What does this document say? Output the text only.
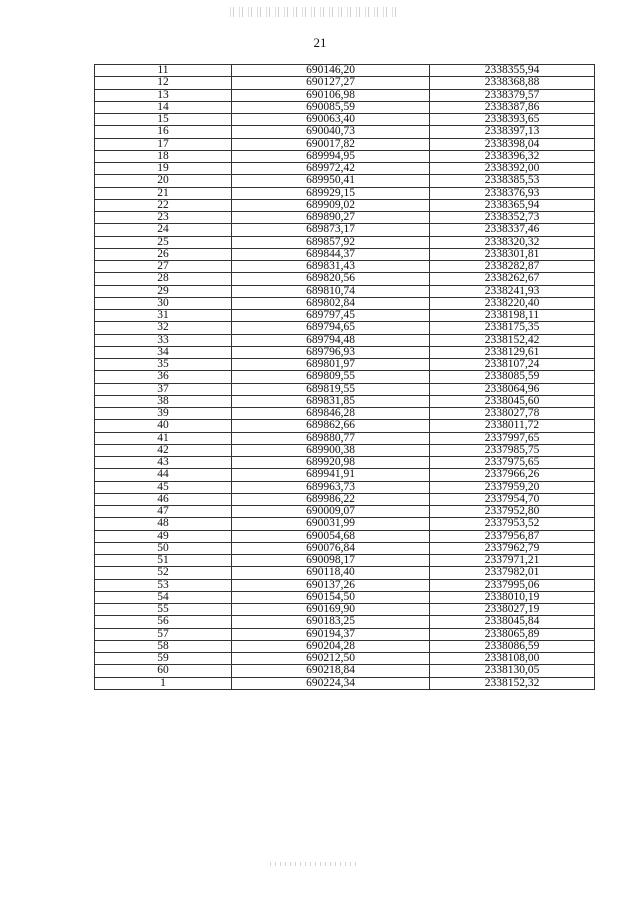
21
11	690146,20	2338355,94
12	690127,27	2338368,88
13	690106,98	2338379,57
14	690085,59	2338387,86
15	690063,40	2338393,65
16	690040,73	2338397,13
17	690017,82	2338398,04
18	689994,95	2338396,32
19	689972,42	2338392,00
20	689950,41	2338385,53
21	689929,15	2338376,93
22	689909,02	2338365,94
23	689890,27	2338352,73
24	689873,17	2338337,46
25	689857,92	2338320,32
26	689844,37	2338301,81
27	689831,43	2338282,87
28	689820,56	2338262,67
29	689810,74	2338241,93
30	689802,84	2338220,40
31	689797,45	2338198,11
32	689794,65	2338175,35
33	689794,48	2338152,42
34	689796,93	2338129,61
35	689801,97	2338107,24
36	689809,55	2338085,59
37	689819,55	2338064,96
38	689831,85	2338045,60
39	689846,28	2338027,78
40	689862,66	2338011,72
41	689880,77	2337997,65
42	689900,38	2337985,75
43	689920,98	2337975,65
44	689941,91	2337966,26
45	689963,73	2337959,20
46	689986,22	2337954,70
47	690009,07	2337952,80
48	690031,99	2337953,52
49	690054,68	2337956,87
50	690076,84	2337962,79
51	690098,17	2337971,21
52	690118,40	2337982,01
53	690137,26	2337995,06
54	690154,50	2338010,19
55	690169,90	2338027,19
56	690183,25	2338045,84
57	690194,37	2338065,89
58	690204,28	2338086,59
59	690212,50	2338108,00
60	690218,84	2338130,05
1	690224,34	2338152,32
